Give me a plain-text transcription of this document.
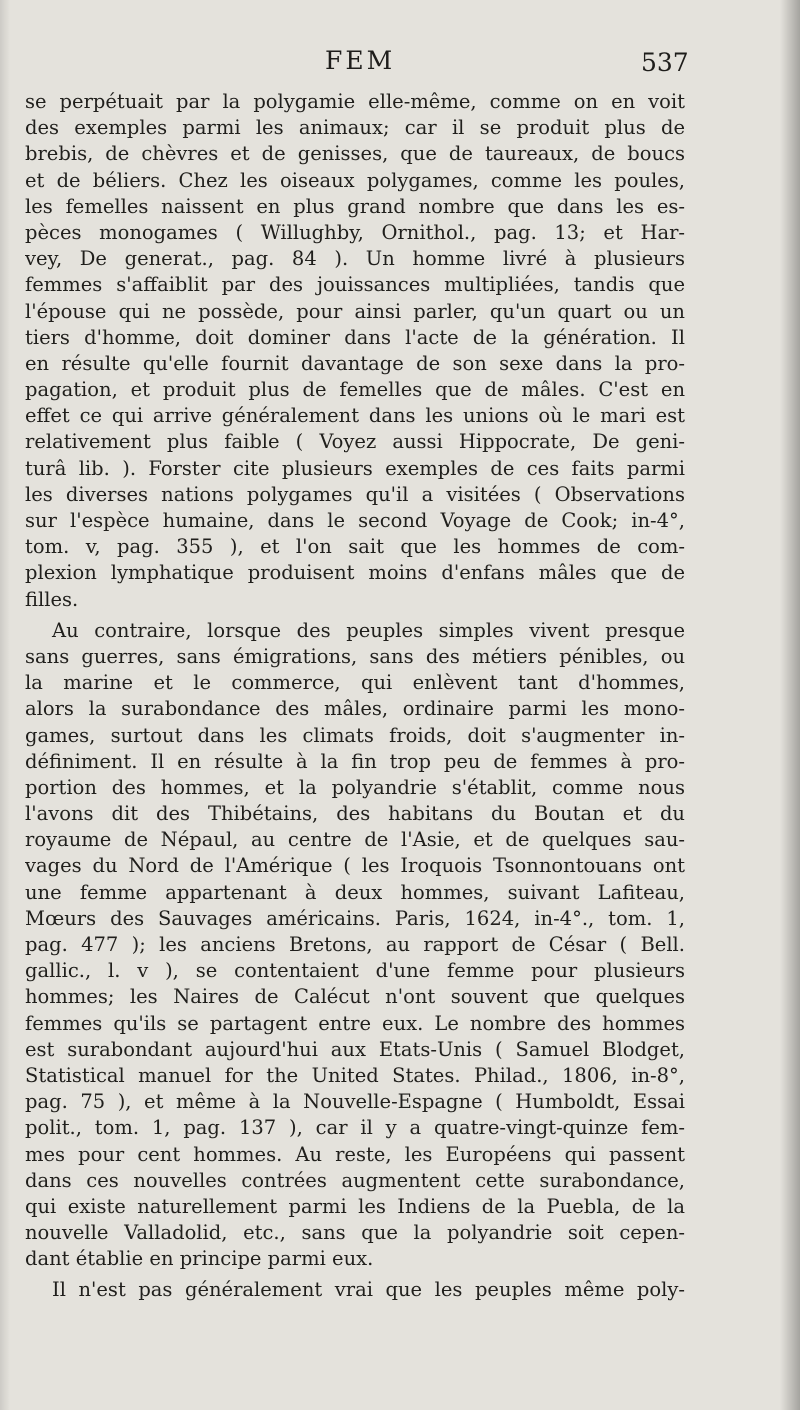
FEM	537
se perpétuait par la polygamie elle-même, comme on en voit
des exemples parmi les animaux; car il se produit plus de
brebis, de chèvres et de genisses, que de taureaux, de boucs
et de béliers. Chez les oiseaux polygames, comme les poules,
les femelles naissent en plus grand nombre que dans les es-
pèces monogames ( Willughby, Ornithol., pag. 13; et Har-
vey, De generat., pag. 84 ). Un homme livré à plusieurs
femmes s'affaiblit par des jouissances multipliées, tandis que
l'épouse qui ne possède, pour ainsi parler, qu'un quart ou un
tiers d'homme, doit dominer dans l'acte de la génération. Il
en résulte qu'elle fournit davantage de son sexe dans la pro-
pagation, et produit plus de femelles que de mâles. C'est en
effet ce qui arrive généralement dans les unions où le mari est
relativement plus faible ( Voyez aussi Hippocrate, De geni-
turâ lib. ). Forster cite plusieurs exemples de ces faits parmi
les diverses nations polygames qu'il a visitées ( Observations
sur l'espèce humaine, dans le second Voyage de Cook; in-4°,
tom. v, pag. 355 ), et l'on sait que les hommes de com-
plexion lymphatique produisent moins d'enfans mâles que de
filles.
Au contraire, lorsque des peuples simples vivent presque
sans guerres, sans émigrations, sans des métiers pénibles, ou
la marine et le commerce, qui enlèvent tant d'hommes,
alors la surabondance des mâles, ordinaire parmi les mono-
games, surtout dans les climats froids, doit s'augmenter in-
définiment. Il en résulte à la fin trop peu de femmes à pro-
portion des hommes, et la polyandrie s'établit, comme nous
l'avons dit des Thibétains, des habitans du Boutan et du
royaume de Népaul, au centre de l'Asie, et de quelques sau-
vages du Nord de l'Amérique ( les Iroquois Tsonnontouans ont
une femme appartenant à deux hommes, suivant Lafiteau,
Mœurs des Sauvages américains. Paris, 1624, in-4°., tom. 1,
pag. 477 ); les anciens Bretons, au rapport de César ( Bell.
gallic., l. v ), se contentaient d'une femme pour plusieurs
hommes; les Naires de Calécut n'ont souvent que quelques
femmes qu'ils se partagent entre eux. Le nombre des hommes
est surabondant aujourd'hui aux Etats-Unis ( Samuel Blodget,
Statistical manuel for the United States. Philad., 1806, in-8°,
pag. 75 ), et même à la Nouvelle-Espagne ( Humboldt, Essai
polit., tom. 1, pag. 137 ), car il y a quatre-vingt-quinze fem-
mes pour cent hommes. Au reste, les Européens qui passent
dans ces nouvelles contrées augmentent cette surabondance,
qui existe naturellement parmi les Indiens de la Puebla, de la
nouvelle Valladolid, etc., sans que la polyandrie soit cepen-
dant établie en principe parmi eux.
Il n'est pas généralement vrai que les peuples même poly-
